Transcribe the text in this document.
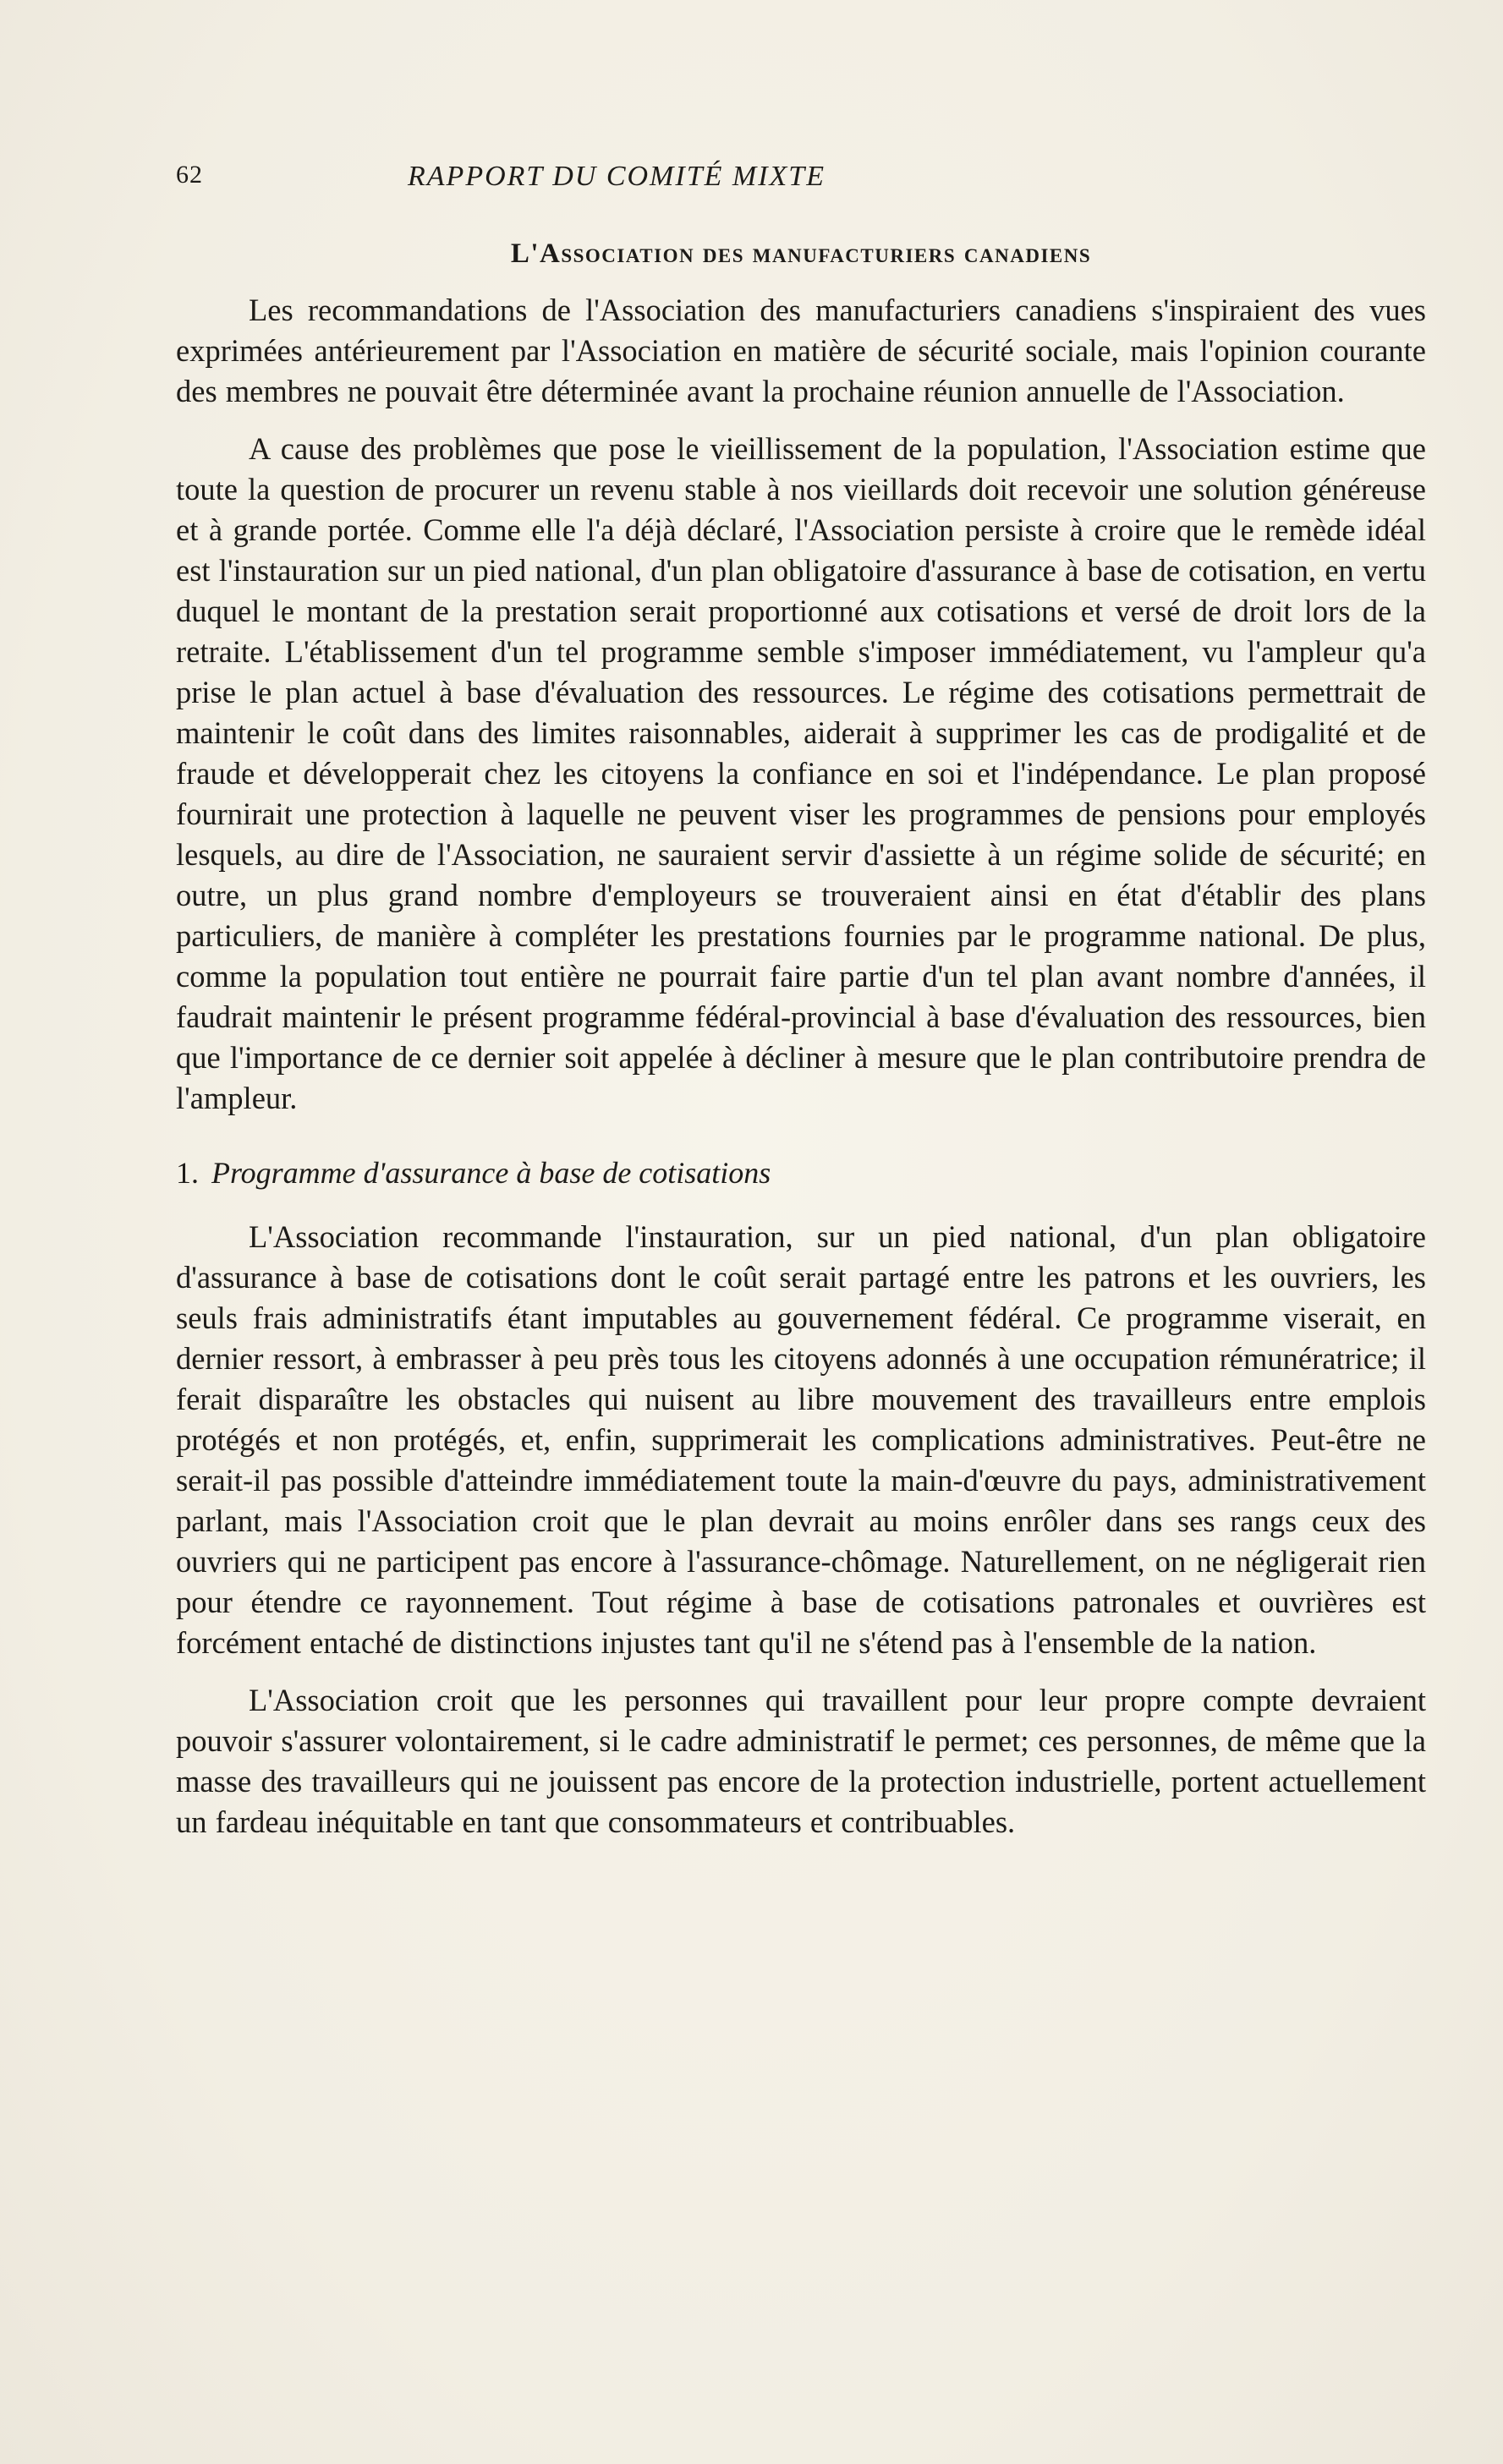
62	RAPPORT DU COMITÉ MIXTE
L'Association des manufacturiers canadiens

Les recommandations de l'Association des manufacturiers canadiens s'inspiraient des vues exprimées antérieurement par l'Association en matière de sécurité sociale, mais l'opinion courante des membres ne pouvait être déterminée avant la prochaine réunion annuelle de l'Association.

A cause des problèmes que pose le vieillissement de la population, l'Association estime que toute la question de procurer un revenu stable à nos vieillards doit recevoir une solution généreuse et à grande portée. Comme elle l'a déjà déclaré, l'Association persiste à croire que le remède idéal est l'instauration sur un pied national, d'un plan obligatoire d'assurance à base de cotisation, en vertu duquel le montant de la prestation serait proportionné aux cotisations et versé de droit lors de la retraite. L'établissement d'un tel programme semble s'imposer immédiatement, vu l'ampleur qu'a prise le plan actuel à base d'évaluation des ressources. Le régime des cotisations permettrait de maintenir le coût dans des limites raisonnables, aiderait à supprimer les cas de prodigalité et de fraude et développerait chez les citoyens la confiance en soi et l'indépendance. Le plan proposé fournirait une protection à laquelle ne peuvent viser les programmes de pensions pour employés lesquels, au dire de l'Association, ne sauraient servir d'assiette à un régime solide de sécurité; en outre, un plus grand nombre d'employeurs se trouveraient ainsi en état d'établir des plans particuliers, de manière à compléter les prestations fournies par le programme national. De plus, comme la population tout entière ne pourrait faire partie d'un tel plan avant nombre d'années, il faudrait maintenir le présent programme fédéral-provincial à base d'évaluation des ressources, bien que l'importance de ce dernier soit appelée à décliner à mesure que le plan contributoire prendra de l'ampleur.

1. Programme d'assurance à base de cotisations

L'Association recommande l'instauration, sur un pied national, d'un plan obligatoire d'assurance à base de cotisations dont le coût serait partagé entre les patrons et les ouvriers, les seuls frais administratifs étant imputables au gouvernement fédéral. Ce programme viserait, en dernier ressort, à embrasser à peu près tous les citoyens adonnés à une occupation rémunératrice; il ferait disparaître les obstacles qui nuisent au libre mouvement des travailleurs entre emplois protégés et non protégés, et, enfin, supprimerait les complications administratives. Peut-être ne serait-il pas possible d'atteindre immédiatement toute la main-d'œuvre du pays, administrativement parlant, mais l'Association croit que le plan devrait au moins enrôler dans ses rangs ceux des ouvriers qui ne participent pas encore à l'assurance-chômage. Naturellement, on ne négligerait rien pour étendre ce rayonnement. Tout régime à base de cotisations patronales et ouvrières est forcément entaché de distinctions injustes tant qu'il ne s'étend pas à l'ensemble de la nation.

L'Association croit que les personnes qui travaillent pour leur propre compte devraient pouvoir s'assurer volontairement, si le cadre administratif le permet; ces personnes, de même que la masse des travailleurs qui ne jouissent pas encore de la protection industrielle, portent actuellement un fardeau inéquitable en tant que consommateurs et contribuables.
